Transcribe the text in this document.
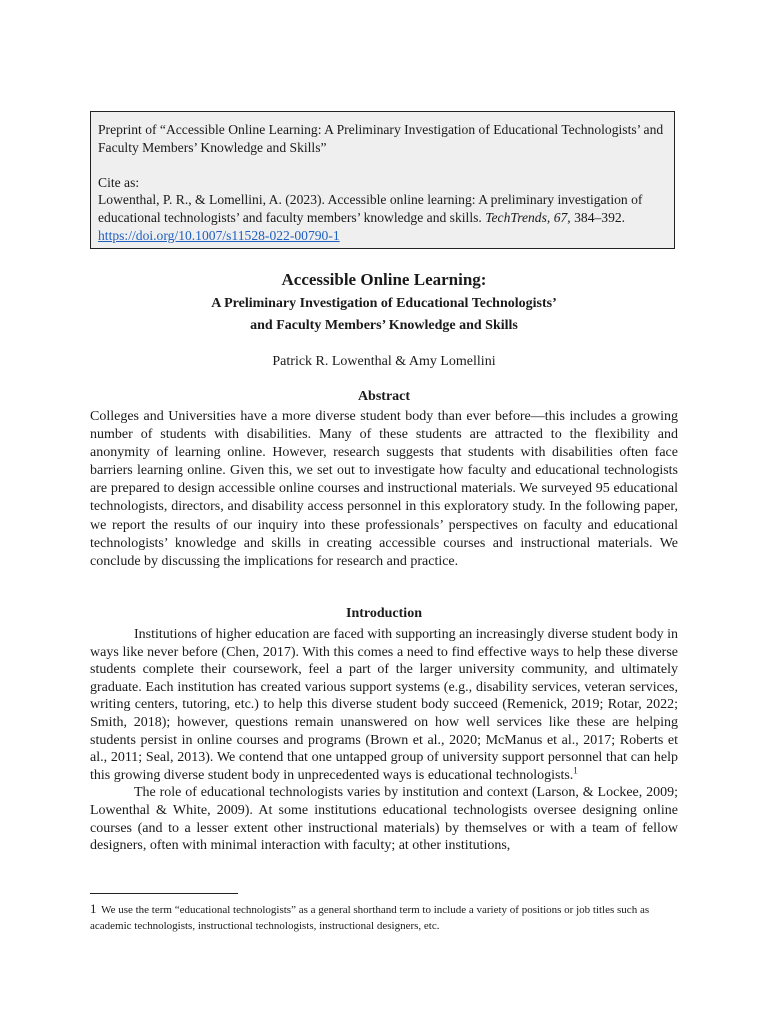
Preprint of “Accessible Online Learning: A Preliminary Investigation of Educational Technologists’ and Faculty Members’ Knowledge and Skills”

Cite as:

Lowenthal, P. R., & Lomellini, A. (2023). Accessible online learning: A preliminary investigation of educational technologists’ and faculty members’ knowledge and skills. TechTrends, 67, 384–392. https://doi.org/10.1007/s11528-022-00790-1

Accessible Online Learning:
A Preliminary Investigation of Educational Technologists’
and Faculty Members’ Knowledge and Skills
Patrick R. Lowenthal & Amy Lomellini
Abstract

Colleges and Universities have a more diverse student body than ever before—this includes a growing number of students with disabilities. Many of these students are attracted to the flexibility and anonymity of learning online. However, research suggests that students with disabilities often face barriers learning online. Given this, we set out to investigate how faculty and educational technologists are prepared to design accessible online courses and instructional materials. We surveyed 95 educational technologists, directors, and disability access personnel in this exploratory study. In the following paper, we report the results of our inquiry into these professionals’ perspectives on faculty and educational technologists’ knowledge and skills in creating accessible courses and instructional materials. We conclude by discussing the implications for research and practice.

Introduction

Institutions of higher education are faced with supporting an increasingly diverse student body in ways like never before (Chen, 2017). With this comes a need to find effective ways to help these diverse students complete their coursework, feel a part of the larger university community, and ultimately graduate. Each institution has created various support systems (e.g., disability services, veteran services, writing centers, tutoring, etc.) to help this diverse student body succeed (Remenick, 2019; Rotar, 2022; Smith, 2018); however, questions remain unanswered on how well services like these are helping students persist in online courses and programs (Brown et al., 2020; McManus et al., 2017; Roberts et al., 2011; Seal, 2013). We contend that one untapped group of university support personnel that can help this growing diverse student body in unprecedented ways is educational technologists.$^1$

The role of educational technologists varies by institution and context (Larson, & Lockee, 2009; Lowenthal & White, 2009). At some institutions educational technologists oversee designing online courses (and to a lesser extent other instructional materials) by themselves or with a team of fellow designers, often with minimal interaction with faculty; at other institutions,

1 We use the term “educational technologists” as a general shorthand term to include a variety of positions or job titles such as academic technologists, instructional technologists, instructional designers, etc.
